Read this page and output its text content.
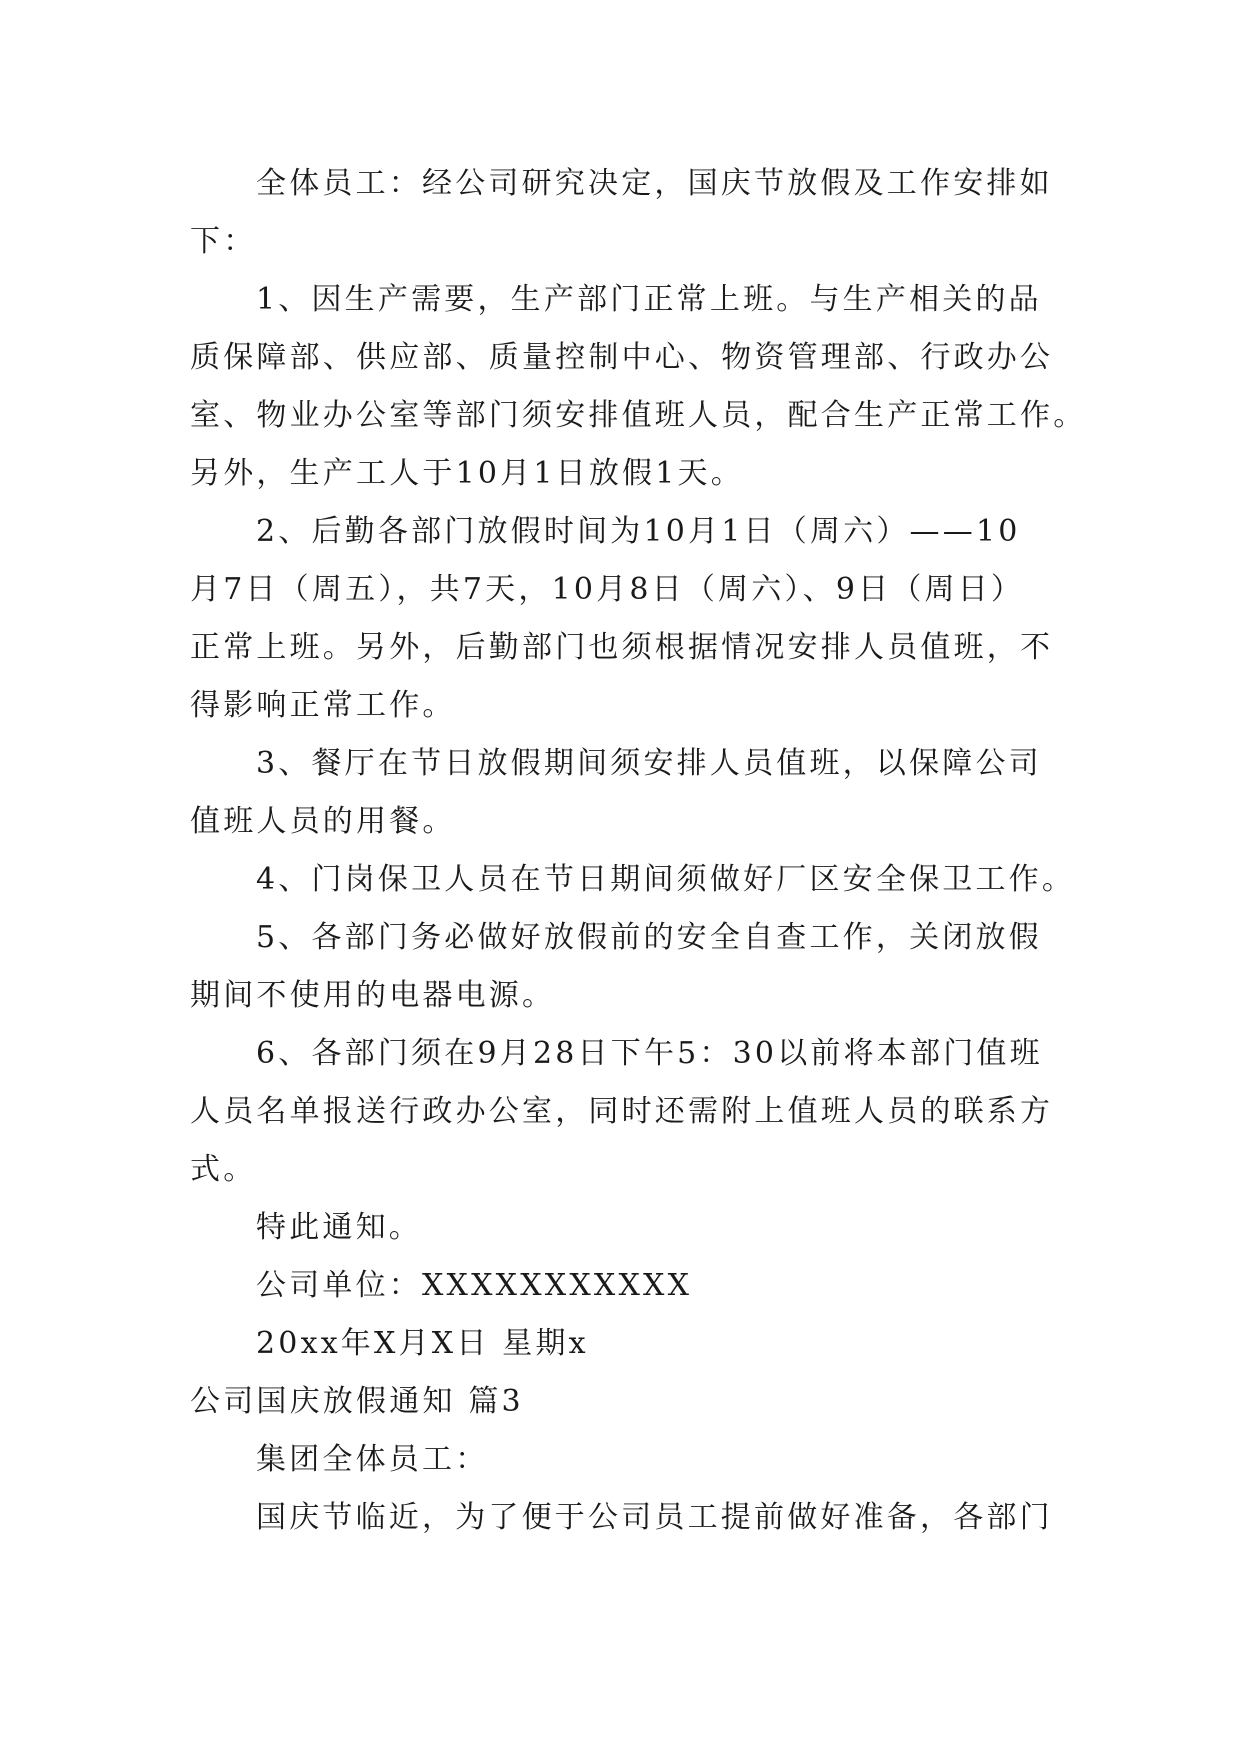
全体员工：经公司研究决定，国庆节放假及工作安排如
下：
1、因生产需要，生产部门正常上班。与生产相关的品
质保障部、供应部、质量控制中心、物资管理部、行政办公
室、物业办公室等部门须安排值班人员，配合生产正常工作。
另外，生产工人于10月1日放假1天。
2、后勤各部门放假时间为10月1日（周六）——10
月7日（周五），共7天，10月8日（周六）、9日（周日）
正常上班。另外，后勤部门也须根据情况安排人员值班，不
得影响正常工作。
3、餐厅在节日放假期间须安排人员值班，以保障公司
值班人员的用餐。
4、门岗保卫人员在节日期间须做好厂区安全保卫工作。
5、各部门务必做好放假前的安全自查工作，关闭放假
期间不使用的电器电源。
6、各部门须在9月28日下午5：30以前将本部门值班
人员名单报送行政办公室，同时还需附上值班人员的联系方
式。
特此通知。
公司单位：XXXXXXXXXXX
20xx年X月X日 星期x
公司国庆放假通知 篇3
集团全体员工：
国庆节临近，为了便于公司员工提前做好准备，各部门
